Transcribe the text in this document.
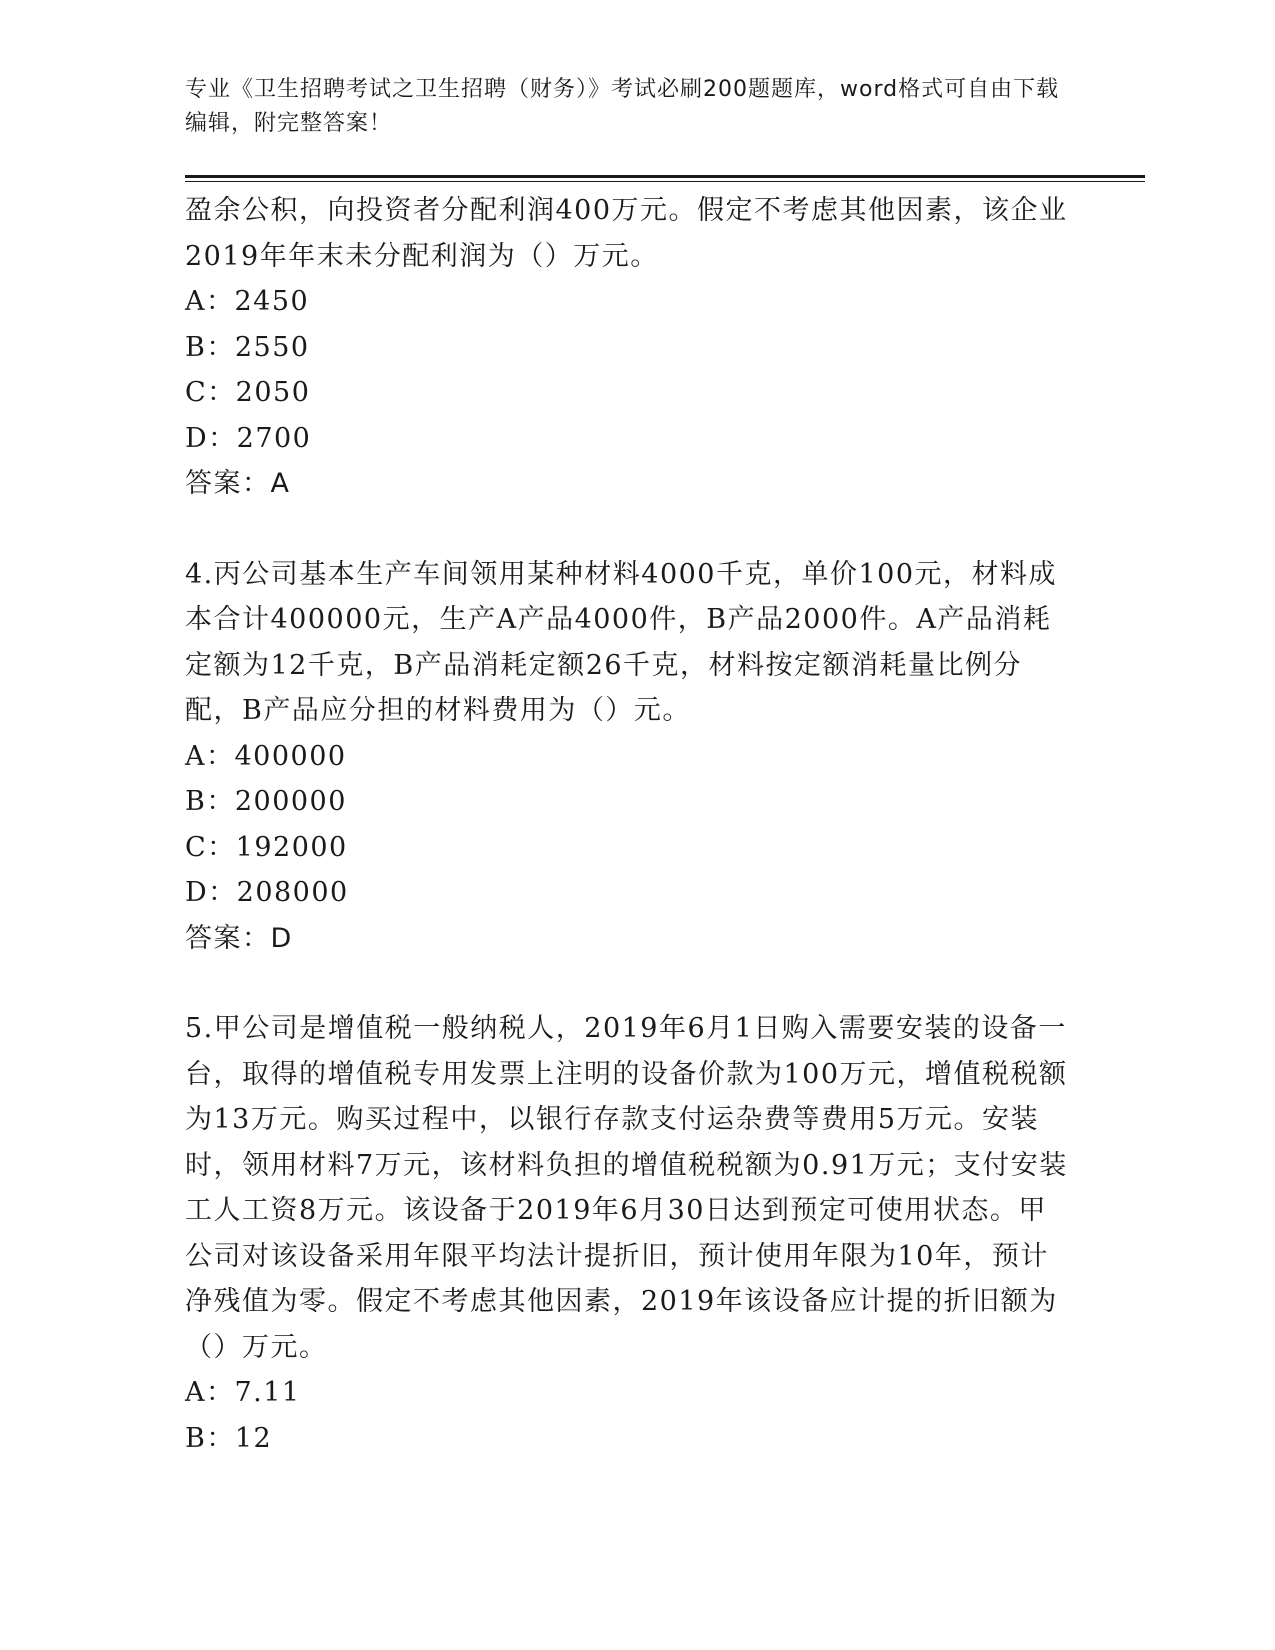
专业《卫生招聘考试之卫生招聘（财务）》考试必刷200题题库，word格式可自由下载编辑，附完整答案！

盈余公积，向投资者分配利润400万元。假定不考虑其他因素，该企业2019年年末未分配利润为（）万元。

A：2450

B：2550

C：2050

D：2700

答案：A

4.丙公司基本生产车间领用某种材料4000千克，单价100元，材料成本合计400000元，生产A产品4000件，B产品2000件。A产品消耗定额为12千克，B产品消耗定额26千克，材料按定额消耗量比例分配，B产品应分担的材料费用为（）元。

A：400000

B：200000

C：192000

D：208000

答案：D

5.甲公司是增值税一般纳税人，2019年6月1日购入需要安装的设备一台，取得的增值税专用发票上注明的设备价款为100万元，增值税税额为13万元。购买过程中，以银行存款支付运杂费等费用5万元。安装时，领用材料7万元，该材料负担的增值税税额为0.91万元；支付安装工人工资8万元。该设备于2019年6月30日达到预定可使用状态。甲公司对该设备采用年限平均法计提折旧，预计使用年限为10年，预计净残值为零。假定不考虑其他因素，2019年该设备应计提的折旧额为（）万元。

A：7.11

B：12
